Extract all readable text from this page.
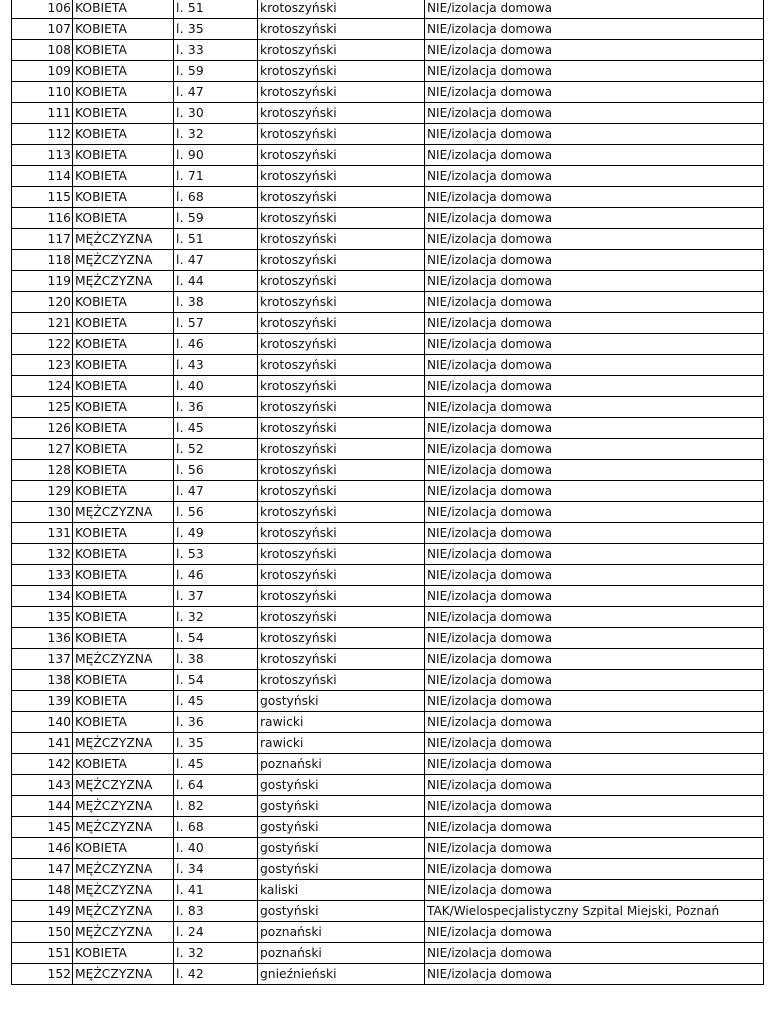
106	KOBIETA	l. 51	krotoszyński	NIE/izolacja domowa
107	KOBIETA	l. 35	krotoszyński	NIE/izolacja domowa
108	KOBIETA	l. 33	krotoszyński	NIE/izolacja domowa
109	KOBIETA	l. 59	krotoszyński	NIE/izolacja domowa
110	KOBIETA	l. 47	krotoszyński	NIE/izolacja domowa
111	KOBIETA	l. 30	krotoszyński	NIE/izolacja domowa
112	KOBIETA	l. 32	krotoszyński	NIE/izolacja domowa
113	KOBIETA	l. 90	krotoszyński	NIE/izolacja domowa
114	KOBIETA	l. 71	krotoszyński	NIE/izolacja domowa
115	KOBIETA	l. 68	krotoszyński	NIE/izolacja domowa
116	KOBIETA	l. 59	krotoszyński	NIE/izolacja domowa
117	MĘŻCZYZNA	l. 51	krotoszyński	NIE/izolacja domowa
118	MĘŻCZYZNA	l. 47	krotoszyński	NIE/izolacja domowa
119	MĘŻCZYZNA	l. 44	krotoszyński	NIE/izolacja domowa
120	KOBIETA	l. 38	krotoszyński	NIE/izolacja domowa
121	KOBIETA	l. 57	krotoszyński	NIE/izolacja domowa
122	KOBIETA	l. 46	krotoszyński	NIE/izolacja domowa
123	KOBIETA	l. 43	krotoszyński	NIE/izolacja domowa
124	KOBIETA	l. 40	krotoszyński	NIE/izolacja domowa
125	KOBIETA	l. 36	krotoszyński	NIE/izolacja domowa
126	KOBIETA	l. 45	krotoszyński	NIE/izolacja domowa
127	KOBIETA	l. 52	krotoszyński	NIE/izolacja domowa
128	KOBIETA	l. 56	krotoszyński	NIE/izolacja domowa
129	KOBIETA	l. 47	krotoszyński	NIE/izolacja domowa
130	MĘŻCZYZNA	l. 56	krotoszyński	NIE/izolacja domowa
131	KOBIETA	l. 49	krotoszyński	NIE/izolacja domowa
132	KOBIETA	l. 53	krotoszyński	NIE/izolacja domowa
133	KOBIETA	l. 46	krotoszyński	NIE/izolacja domowa
134	KOBIETA	l. 37	krotoszyński	NIE/izolacja domowa
135	KOBIETA	l. 32	krotoszyński	NIE/izolacja domowa
136	KOBIETA	l. 54	krotoszyński	NIE/izolacja domowa
137	MĘŻCZYZNA	l. 38	krotoszyński	NIE/izolacja domowa
138	KOBIETA	l. 54	krotoszyński	NIE/izolacja domowa
139	KOBIETA	l. 45	gostyński	NIE/izolacja domowa
140	KOBIETA	l. 36	rawicki	NIE/izolacja domowa
141	MĘŻCZYZNA	l. 35	rawicki	NIE/izolacja domowa
142	KOBIETA	l. 45	poznański	NIE/izolacja domowa
143	MĘŻCZYZNA	l. 64	gostyński	NIE/izolacja domowa
144	MĘŻCZYZNA	l. 82	gostyński	NIE/izolacja domowa
145	MĘŻCZYZNA	l. 68	gostyński	NIE/izolacja domowa
146	KOBIETA	l. 40	gostyński	NIE/izolacja domowa
147	MĘŻCZYZNA	l. 34	gostyński	NIE/izolacja domowa
148	MĘŻCZYZNA	l. 41	kaliski	NIE/izolacja domowa
149	MĘŻCZYZNA	l. 83	gostyński	TAK/Wielospecjalistyczny Szpital Miejski, Poznań
150	MĘŻCZYZNA	l. 24	poznański	NIE/izolacja domowa
151	KOBIETA	l. 32	poznański	NIE/izolacja domowa
152	MĘŻCZYZNA	l. 42	gnieźnieński	NIE/izolacja domowa
